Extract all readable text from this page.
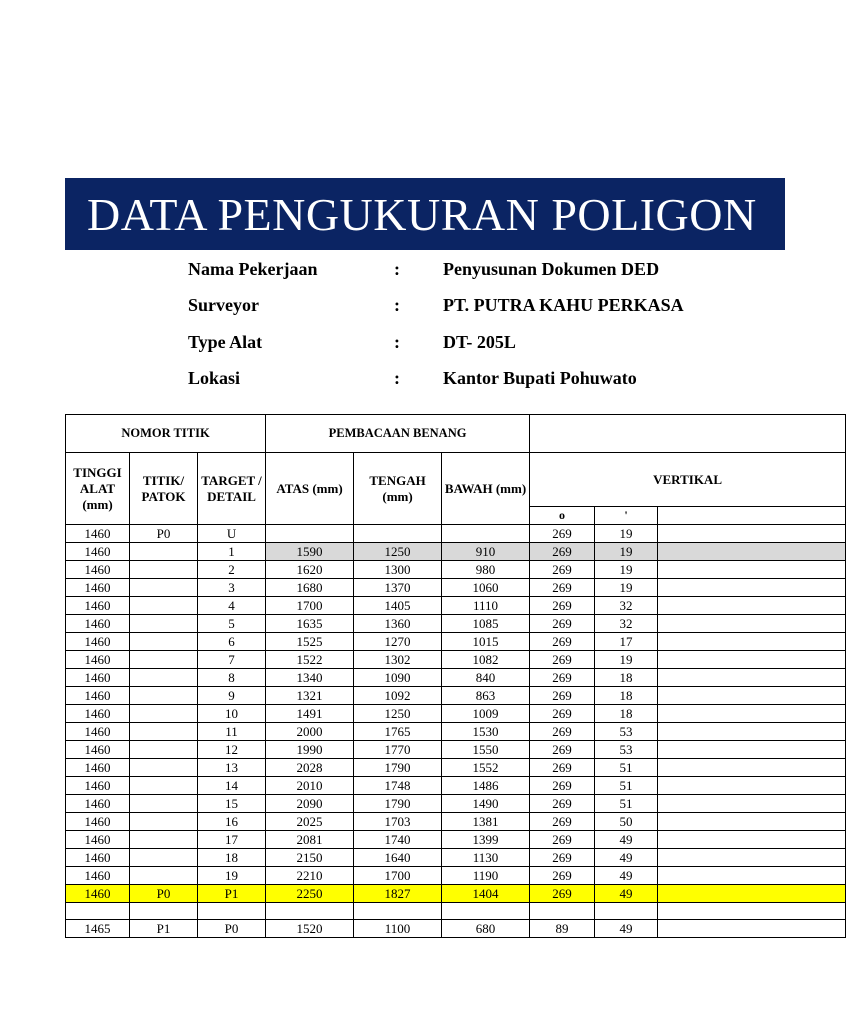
DATA PENGUKURAN POLIGON
Nama Pekerjaan	: Penyusunan Dokumen DED
Surveyor	: PT. PUTRA KAHU PERKASA
Type Alat	: DT- 205L
Lokasi	: Kantor Bupati Pohuwato
NOMOR TITIK			PEMBACAAN BENANG					
TINGGI ALAT (mm)	TITIK/ PATOK	TARGET / DETAIL	ATAS (mm)	TENGAH (mm)	BAWAH (mm)	VERTIKAL		
						o	'	
1460	P0	U				269	19	
1460		1	1590	1250	910	269	19	
1460		2	1620	1300	980	269	19	
1460		3	1680	1370	1060	269	19	
1460		4	1700	1405	1110	269	32	
1460		5	1635	1360	1085	269	32	
1460		6	1525	1270	1015	269	17	
1460		7	1522	1302	1082	269	19	
1460		8	1340	1090	840	269	18	
1460		9	1321	1092	863	269	18	
1460		10	1491	1250	1009	269	18	
1460		11	2000	1765	1530	269	53	
1460		12	1990	1770	1550	269	53	
1460		13	2028	1790	1552	269	51	
1460		14	2010	1748	1486	269	51	
1460		15	2090	1790	1490	269	51	
1460		16	2025	1703	1381	269	50	
1460		17	2081	1740	1399	269	49	
1460		18	2150	1640	1130	269	49	
1460		19	2210	1700	1190	269	49	
1460	P0	P1	2250	1827	1404	269	49	

1465	P1	P0	1520	1100	680	89	49	
